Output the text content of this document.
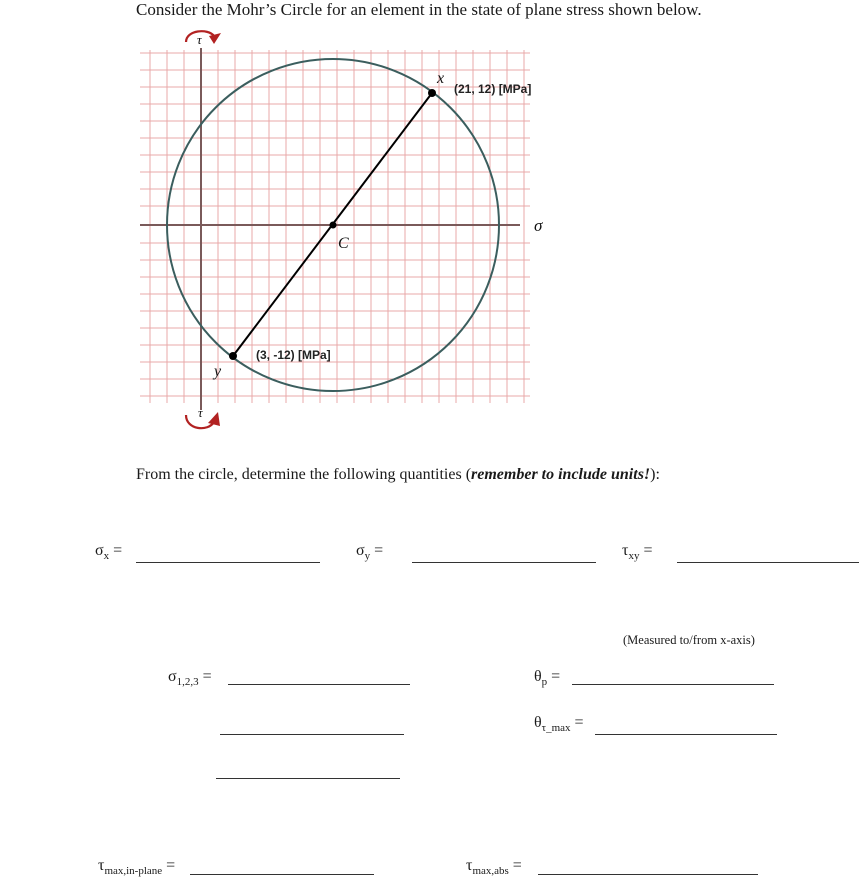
Consider the Mohr’s Circle for an element in the state of plane stress shown below.
C
x
y
(21, 12) [MPa]
(3, -12) [MPa]
σ
τ
τ
From the circle, determine the following quantities (remember to include units!):
$\sigma_x$ =	$\sigma_y$ =	$\tau_{xy}$ =
(Measured to/from x-axis)
$\sigma_{1,2,3}$ =	$\theta_p$ =
$\theta_{\tau\_max}$ =
$\tau_{max,in-plane}$ =	$\tau_{max,abs}$ =
